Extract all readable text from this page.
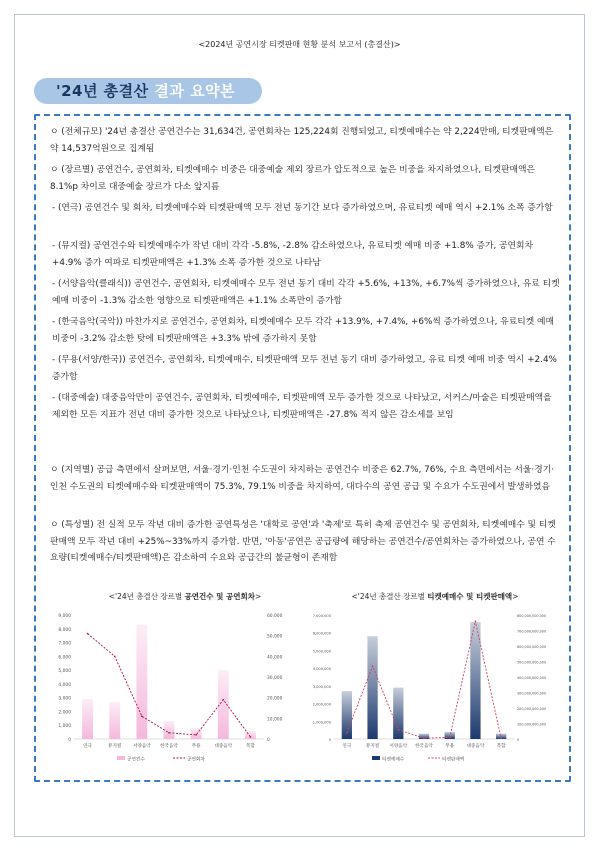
<2024년 공연시장 티켓판매 현황 분석 보고서 (총결산)>
'24년 총결산 결과 요약본
ㅇ (전체규모) '24년 총결산 공연건수는 31,634건, 공연회차는 125,224회 진행되었고, 티켓예매수는 약 2,224만매, 티켓판매액은 약 14,537억원으로 집계됨
ㅇ (장르별) 공연건수, 공연회차, 티켓예매수 비중은 대중예술 제외 장르가 압도적으로 높은 비중을 차지하였으나, 티켓판매액은 8.1%p 차이로 대중예술 장르가 다소 앞지름
- (연극) 공연건수 및 회차, 티켓예매수와 티켓판매액 모두 전년 동기간 보다 증가하였으며, 유료티켓 예매 역시 +2.1% 소폭 증가함
- (뮤지컬) 공연건수와 티켓예매수가 작년 대비 각각 -5.8%, -2.8% 감소하였으나, 유료티켓 예매 비중 +1.8% 증가, 공연회차 +4.9% 증가 여파로 티켓판매액은 +1.3% 소폭 증가한 것으로 나타남
- (서양음악(클래식)) 공연건수, 공연회차, 티켓예매수 모두 전년 동기 대비 각각 +5.6%, +13%, +6.7%씩 증가하였으나, 유료 티켓예매 비중이 -1.3% 감소한 영향으로 티켓판매액은 +1.1% 소폭만이 증가함
- (한국음악(국악)) 마찬가지로 공연건수, 공연회차, 티켓예매수 모두 각각 +13.9%, +7.4%, +6%씩 증가하였으나, 유료티켓 예매 비중이 -3.2% 감소한 탓에 티켓판매액은 +3.3% 밖에 증가하지 못함
- (무용(서양/한국)) 공연건수, 공연회차, 티켓예매수, 티켓판매액 모두 전년 동기 대비 증가하였고, 유료 티켓 예매 비중 역시 +2.4% 증가함
- (대중예술) 대중음악만이 공연건수, 공연회차, 티켓예매수, 티켓판매액 모두 증가한 것으로 나타났고, 서커스/마술은 티켓판매액을 제외한 모든 지표가 전년 대비 증가한 것으로 나타났으나, 티켓판매액은 -27.8% 적지 않은 감소세를 보임
ㅇ (지역별) 공급 측면에서 살펴보면, 서울·경기·인천 수도권이 차지하는 공연건수 비중은 62.7%, 76%, 수요 측면에서는 서울·경기·인천 수도권의 티켓예매수와 티켓판매액이 75.3%, 79.1% 비중을 차지하여, 대다수의 공연 공급 및 수요가 수도권에서 발생하였음
ㅇ (특성별) 전 실적 모두 작년 대비 증가한 공연특성은 '대학로 공연'과 '축제'로 특히 축제 공연건수 및 공연회차, 티켓예매수 및 티켓판매액 모두 작년 대비 +25%~33%까지 증가함. 반면, '아동'공연은 공급량에 해당하는 공연건수/공연회차는 증가하였으나, 공연 수요량(티켓예매수/티켓판매액)은 감소하여 수요와 공급간의 불균형이 존재함
<'24년 총결산 장르별 공연건수 및 공연회차>	<'24년 총결산 장르별 티켓예매수 및 티켓판매액>
0
1,000
2,000
3,000
4,000
5,000
6,000
7,000
8,000
9,000
0
10,000
20,000
30,000
40,000
50,000
60,000
연극	뮤지컬	서양음악 한국음악	무용	대중음악	복합
공연건수	공연회차
0
1,000,000
2,000,000
3,000,000
4,000,000
5,000,000
6,000,000
7,000,000
0
100,000,000,000
200,000,000,000
300,000,000,000
400,000,000,000
500,000,000,000
600,000,000,000
700,000,000,000
800,000,000,000
연극	뮤지컬 서양음악 한국음악	무용	대중음악	복합
티켓예매수	티켓판매액
